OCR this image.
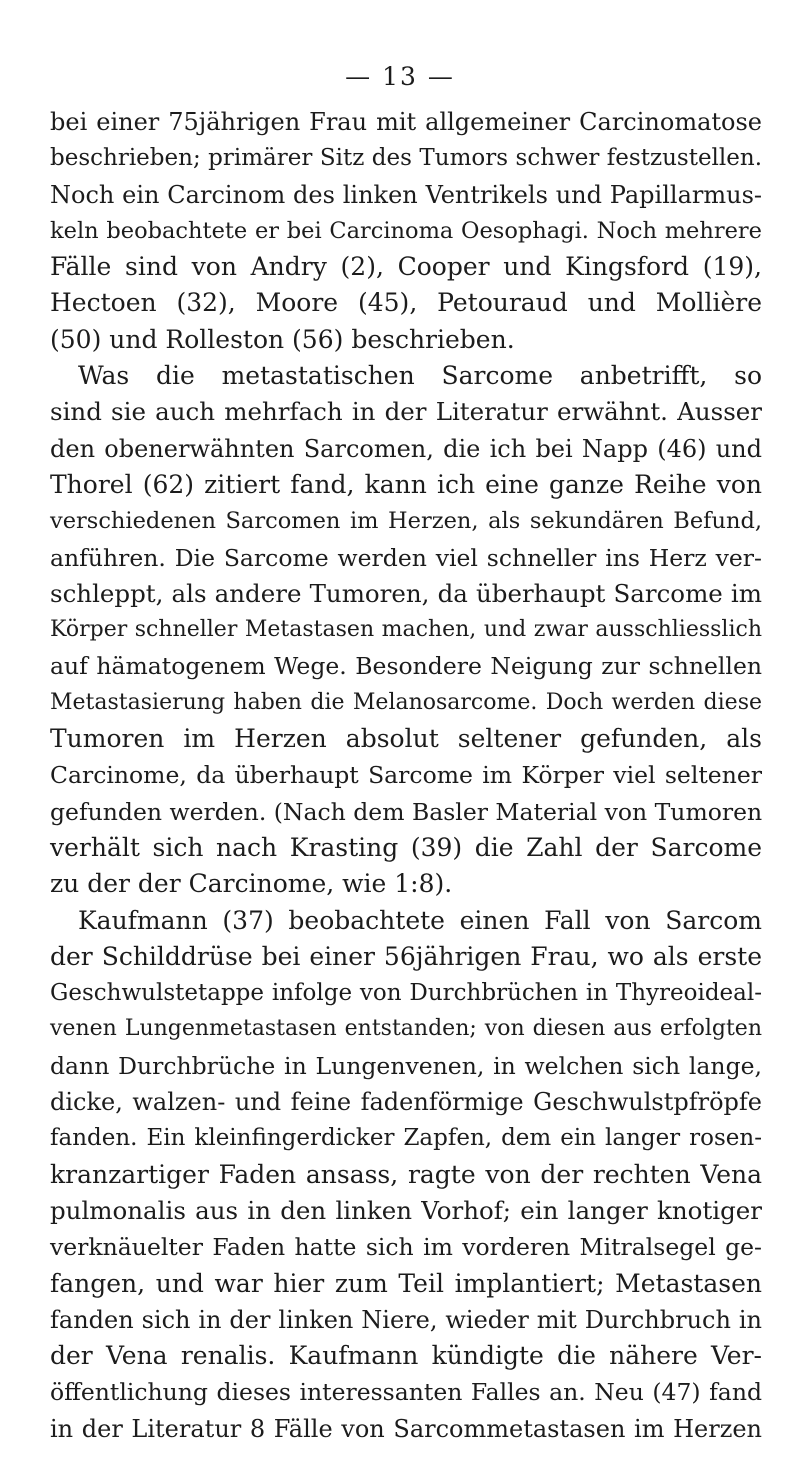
— 13 —
bei einer 75jährigen Frau mit allgemeiner Carcinomatose
beschrieben; primärer Sitz des Tumors schwer festzustellen.
Noch ein Carcinom des linken Ventrikels und Papillarmus-
keln beobachtete er bei Carcinoma Oesophagi. Noch mehrere
Fälle sind von Andry (2), Cooper und Kingsford (19),
Hectoen (32), Moore (45), Petouraud und Mollière
(50) und Rolleston (56) beschrieben.
Was die metastatischen Sarcome anbetrifft, so
sind sie auch mehrfach in der Literatur erwähnt. Ausser
den obenerwähnten Sarcomen, die ich bei Napp (46) und
Thorel (62) zitiert fand, kann ich eine ganze Reihe von
verschiedenen Sarcomen im Herzen, als sekundären Befund,
anführen. Die Sarcome werden viel schneller ins Herz ver-
schleppt, als andere Tumoren, da überhaupt Sarcome im
Körper schneller Metastasen machen, und zwar ausschliesslich
auf hämatogenem Wege. Besondere Neigung zur schnellen
Metastasierung haben die Melanosarcome. Doch werden diese
Tumoren im Herzen absolut seltener gefunden, als
Carcinome, da überhaupt Sarcome im Körper viel seltener
gefunden werden. (Nach dem Basler Material von Tumoren
verhält sich nach Krasting (39) die Zahl der Sarcome
zu der der Carcinome, wie 1:8).
Kaufmann (37) beobachtete einen Fall von Sarcom
der Schilddrüse bei einer 56jährigen Frau, wo als erste
Geschwulstetappe infolge von Durchbrüchen in Thyreoideal-
venen Lungenmetastasen entstanden; von diesen aus erfolgten
dann Durchbrüche in Lungenvenen, in welchen sich lange,
dicke, walzen- und feine fadenförmige Geschwulstpfröpfe
fanden. Ein kleinfingerdicker Zapfen, dem ein langer rosen-
kranzartiger Faden ansass, ragte von der rechten Vena
pulmonalis aus in den linken Vorhof; ein langer knotiger
verknäuelter Faden hatte sich im vorderen Mitralsegel ge-
fangen, und war hier zum Teil implantiert; Metastasen
fanden sich in der linken Niere, wieder mit Durchbruch in
der Vena renalis. Kaufmann kündigte die nähere Ver-
öffentlichung dieses interessanten Falles an. Neu (47) fand
in der Literatur 8 Fälle von Sarcommetastasen im Herzen
